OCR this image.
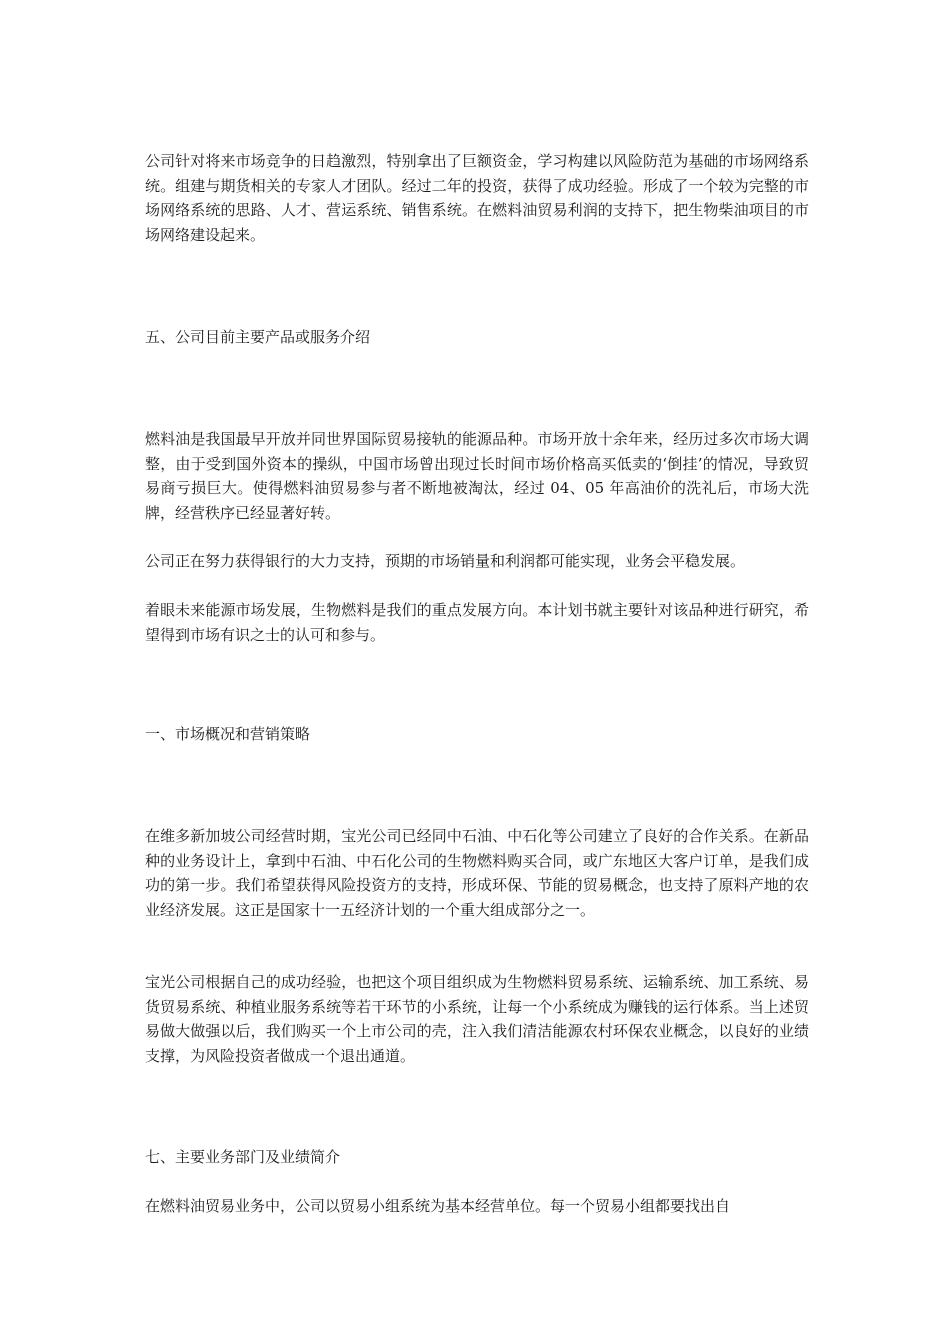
公司针对将来市场竞争的日趋激烈，特别拿出了巨额资金，学习构建以风险防范为基础的市场网络系统。组建与期货相关的专家人才团队。经过二年的投资，获得了成功经验。形成了一个较为完整的市场网络系统的思路、人才、营运系统、销售系统。在燃料油贸易利润的支持下，把生物柴油项目的市场网络建设起来。

五、公司目前主要产品或服务介绍

燃料油是我国最早开放并同世界国际贸易接轨的能源品种。市场开放十余年来，经历过多次市场大调整，由于受到国外资本的操纵，中国市场曾出现过长时间市场价格高买低卖的‘倒挂’的情况，导致贸易商亏损巨大。使得燃料油贸易参与者不断地被淘汰，经过 04、05 年高油价的洗礼后，市场大洗牌，经营秩序已经显著好转。

公司正在努力获得银行的大力支持，预期的市场销量和利润都可能实现，业务会平稳发展。

着眼未来能源市场发展，生物燃料是我们的重点发展方向。本计划书就主要针对该品种进行研究，希望得到市场有识之士的认可和参与。

一、市场概况和营销策略

在维多新加坡公司经营时期，宝光公司已经同中石油、中石化等公司建立了良好的合作关系。在新品种的业务设计上，拿到中石油、中石化公司的生物燃料购买合同，或广东地区大客户订单，是我们成功的第一步。我们希望获得风险投资方的支持，形成环保、节能的贸易概念，也支持了原料产地的农业经济发展。这正是国家十一五经济计划的一个重大组成部分之一。

宝光公司根据自己的成功经验，也把这个项目组织成为生物燃料贸易系统、运输系统、加工系统、易货贸易系统、种植业服务系统等若干环节的小系统，让每一个小系统成为赚钱的运行体系。当上述贸易做大做强以后，我们购买一个上市公司的壳，注入我们清洁能源农村环保农业概念，以良好的业绩支撑，为风险投资者做成一个退出通道。

七、主要业务部门及业绩简介

在燃料油贸易业务中，公司以贸易小组系统为基本经营单位。每一个贸易小组都要找出自
